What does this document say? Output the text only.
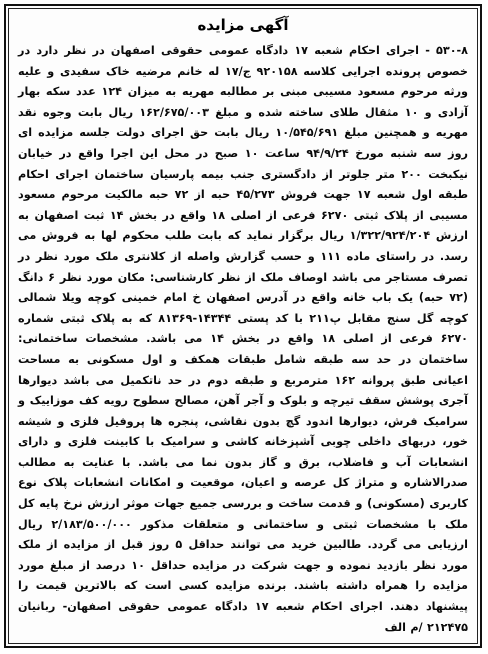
آگهی مزایده

۵۳۰-۸ - اجرای احکام شعبه ۱۷ دادگاه عمومی حقوقی اصفهان در نظر دارد در خصوص پرونده اجرایی کلاسه ۹۲۰۱۵۸ ج/۱۷ له خانم مرضیه خاک سفیدی و علیه ورثه مرحوم مسعود مسیبی مبنی بر مطالبه مهریه به میزان ۱۲۴ عدد سکه بهار آزادی و ۱۰ مثقال طلای ساخته شده و مبلغ ۱۶۲/۶۷۵/۰۰۳ ریال بابت وجوه نقد مهریه و همچنین مبلغ ۱۰/۵۴۵/۶۹۱ ریال بابت حق اجرای دولت جلسه مزایده ای روز سه شنبه مورخ ۹۴/۹/۲۴ ساعت ۱۰ صبح در محل این اجرا واقع در خیابان نیکبخت ۲۰۰ متر جلوتر از دادگستری جنب بیمه پارسیان ساختمان اجرای احکام طبقه اول شعبه ۱۷ جهت فروش ۴۵/۲۷۳ حبه از ۷۲ حبه مالکیت مرحوم مسعود مسیبی از پلاک ثبتی ۶۲۷۰ فرعی از اصلی ۱۸ واقع در بخش ۱۴ ثبت اصفهان به ارزش ۱/۳۲۲/۹۲۴/۲۰۴ ریال برگزار نماید که بابت طلب محکوم لها به فروش می رسد. در راستای ماده ۱۱۱ و حسب گزارش واصله از کلانتری ملک مورد نظر در تصرف مستاجر می باشد اوصاف ملک از نظر کارشناسی: مکان مورد نظر ۶ دانگ (۷۲ حبه) یک باب خانه واقع در آدرس اصفهان خ امام خمینی کوچه ویلا شمالی کوچه گل سنج مقابل پ۲۱۱ با کد پستی ۱۴۳۴۴-۸۱۳۶۹ که به پلاک ثبتی شماره ۶۲۷۰ فرعی از اصلی ۱۸ واقع در بخش ۱۴ می باشد. مشخصات ساختمانی: ساختمان در حد سه طبقه شامل طبقات همکف و اول مسکونی به مساحت اعیانی طبق پروانه ۱۶۲ مترمربع و طبقه دوم در حد ناتکمیل می باشد دیوارها آجری پوشش سقف تیرچه و بلوک و آجر آهن، مصالح سطوح رویه کف موزاییک و سرامیک فرش، دیوارها اندود گچ بدون نقاشی، پنجره ها پروفیل فلزی و شیشه خور، دربهای داخلی چوبی آشپزخانه کاشی و سرامیک با کابینت فلزی و دارای انشعابات آب و فاضلاب، برق و گاز بدون نما می باشد. با عنایت به مطالب صدرالاشاره و متراژ کل عرصه و اعیان، موقعیت و امکانات انشعابات پلاک نوع کاربری (مسکونی) و قدمت ساخت و بررسی جمیع جهات موثر ارزش نرخ پایه کل ملک با مشخصات ثبتی و ساختمانی و متعلقات مذکور ۲/۱۸۳/۵۰۰/۰۰۰ ریال ارزیابی می گردد. طالبین خرید می توانند حداقل ۵ روز قبل از مزایده از ملک مورد نظر بازدید نموده و جهت شرکت در مزایده حداقل ۱۰ درصد از مبلغ مورد مزایده را همراه داشته باشند. برنده مزایده کسی است که بالاترین قیمت را پیشنهاد دهند. اجرای احکام شعبه ۱۷ دادگاه عمومی حقوقی اصفهان- ربانیان ۲۱۲۴۷۵ /م الف
